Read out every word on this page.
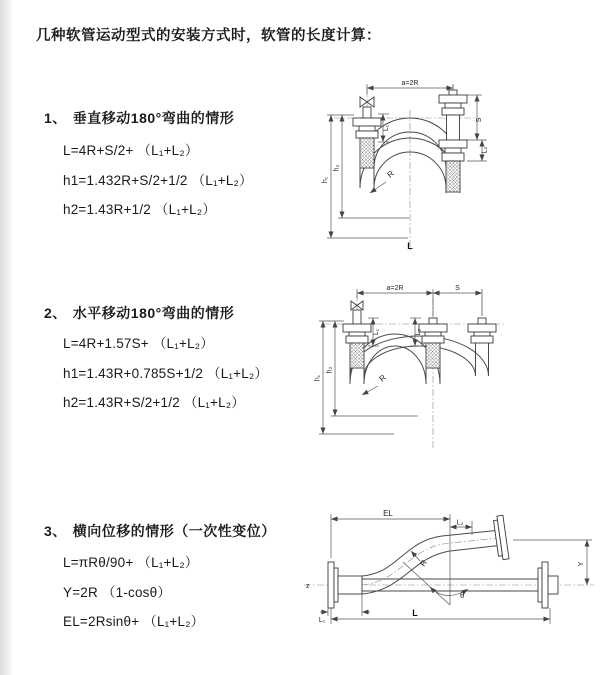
几种软管运动型式的安装方式时，软管的长度计算：
1、 垂直移动180°弯曲的情形
L=4R+S/2+ （L₁+L₂）
h1=1.432R+S/2+1/2 （L₁+L₂）
h2=1.43R+1/2 （L₁+L₂）
a=2R
S
L₂
L₁
h₁
h₂
R
L
2、 水平移动180°弯曲的情形
L=4R+1.57S+ （L₁+L₂）
h1=1.43R+0.785S+1/2 （L₁+L₂）
h2=1.43R+S/2+1/2 （L₁+L₂）
a=2R	S
L₁	L₂
h₁
h₂
R
3、 横向位移的情形（一次性变位）
L=πRθ/90+ （L₁+L₂）
Y=2R （1-cosθ）
EL=2Rsinθ+ （L₁+L₂）
EL
L₂
Y
θ
R
L₁
L
z
